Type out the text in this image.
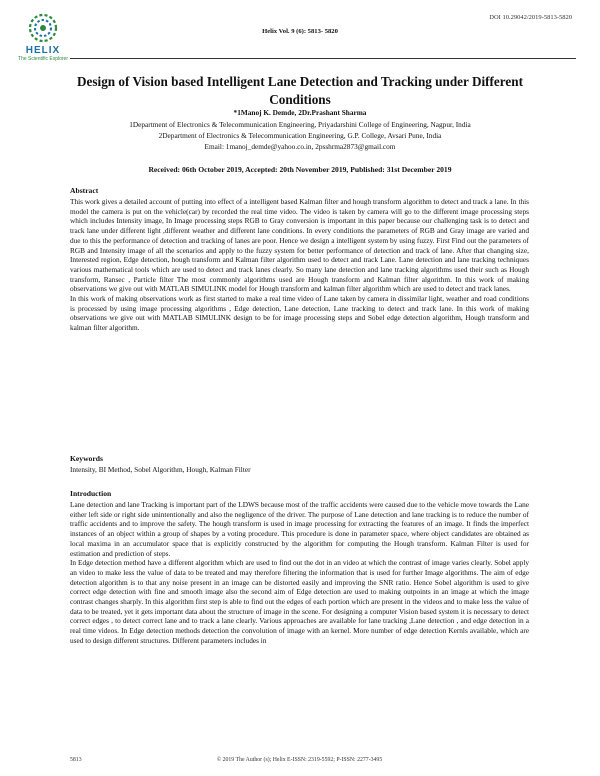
HELIX
The Scientific Explorer
DOI 10.29042/2019-5813-5820
Helix Vol. 9 (6): 5813- 5820
Design of Vision based Intelligent Lane Detection and Tracking under Different Conditions
*1Manoj K. Demde, 2Dr.Prashant Sharma
1Department of Electronics & Telecommunication Engineering, Priyadarshini College of Engineering, Nagpur, India
2Department of Electronics & Telecommunication Engineering, G.P. College, Avsari Pune, India
Email: 1manoj_demde@yahoo.co.in, 2psshrma2873@gmail.com
Received: 06th October 2019, Accepted: 20th November 2019, Published: 31st December 2019
Abstract

This work gives a detailed account of putting into effect of a intelligent based Kalman filter and hough transform algorithm to detect and track a lane. In this model the camera is put on the vehicle(car) by recorded the real time video. The video is taken by camera will go to the different image processing steps which includes Intensity image, In Image processing steps RGB to Gray conversion is important in this paper because our challenging task is to detect and track lane under different light ,different weather and different lane conditions. In every conditions the parameters of RGB and Gray image are varied and due to this the performance of detection and tracking of lanes are poor. Hence we design a intelligent system by using fuzzy. First Find out the parameters of RGB and Intensity image of all the scenarios and apply to the fuzzy system for better performance of detection and track of lane. After that changing size, Interested region, Edge detection, hough transform and Kalman filter algorithm used to detect and track Lane. Lane detection and lane tracking techniques various mathematical tools which are used to detect and track lanes clearly. So many lane detection and lane tracking algorithms used their such as Hough transform, Ransec , Particle filter The most commonly algorithms used are Hough transform and Kalman filter algorithm. In this work of making observations we give out with MATLAB SIMULINK model for Hough transform and kalman filter algorithm which are used to detect and track lanes.

In this work of making observations work as first started to make a real time video of Lane taken by camera in dissimilar light, weather and road conditions is processed by using image processing algorithms , Edge detection, Lane detection, Lane tracking to detect and track lane. In this work of making observations we give out with MATLAB SIMULINK design to be for image processing steps and Sobel edge detection algorithm, Hough transform and kalman filter algorithm.

Keywords
Intensity, BI Method, Sobel Algorithm, Hough, Kalman Filter
Introduction

Lane detection and lane Tracking is important part of the LDWS because most of the traffic accidents were caused due to the vehicle move towards the Lane either left side or right side unintentionally and also the negligence of the driver. The purpose of Lane detection and lane tracking is to reduce the number of traffic accidents and to improve the safety. The hough transform is used in image processing for extracting the features of an image. It finds the imperfect instances of an object within a group of shapes by a voting procedure. This procedure is done in parameter space, where object candidates are obtained as local maxima in an accumulator space that is explicitly constructed by the algorithm for computing the Hough transform. Kalman Filter is used for estimation and prediction of steps.

In Edge detection method have a different algorithm which are used to find out the dot in an video at which the contrast of image varies clearly. Sobel apply an video to make less the value of data to be treated and may therefore filtering the information that is used for further Image algorithms. The aim of edge detection algorithm is to that any noise present in an image can be distorted easily and improving the SNR ratio. Hence Sobel algorithm is used to give correct edge detection with fine and smooth image also the second aim of Edge detection are used to making outpoints in an image at which the image contrast changes sharply. In this algorithm first step is able to find out the edges of each portion which are present in the videos and to make less the value of data to be treated, yet it gets important data about the structure of image in the scene. For designing a computer Vision based system it is necessary to detect correct edges , to detect correct lane and to track a lane clearly. Various approaches are available for lane tracking ,Lane detection , and edge detection in a real time videos. In Edge detection methods detection the convolution of image with an kernel. More number of edge detection Kernls available, which are used to design different structures. Different parameters includes in

5813	© 2019 The Author (s); Helix E-ISSN: 2319-5592; P-ISSN: 2277-3495
